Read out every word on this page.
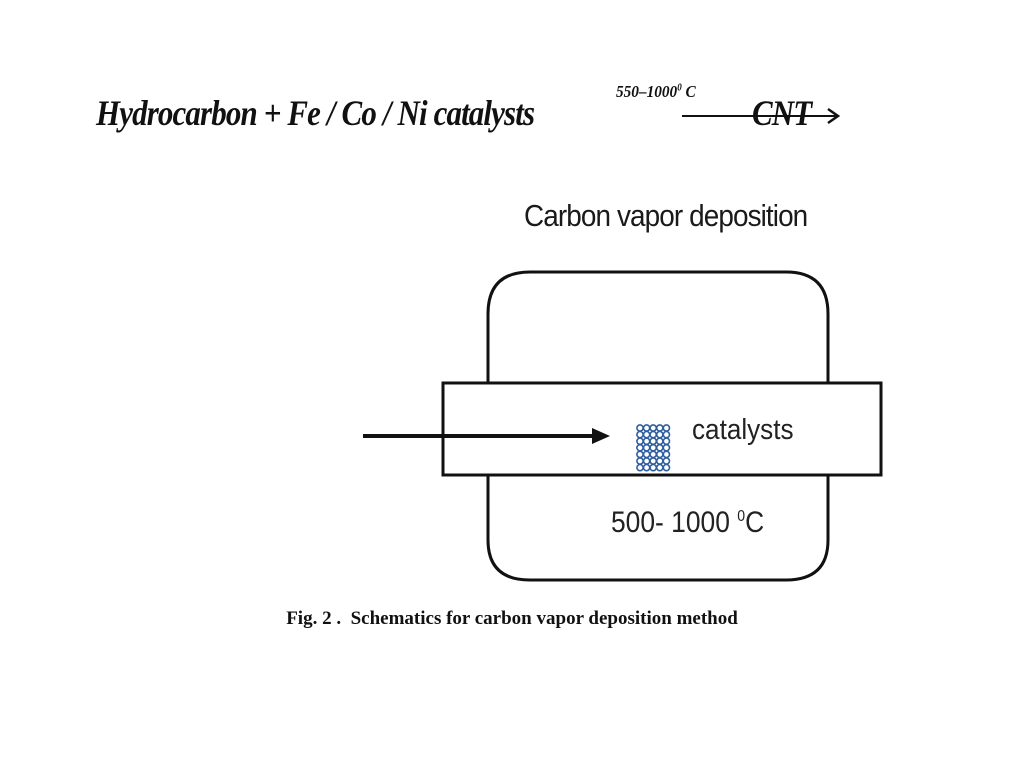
Hydrocarbon + Fe / Co / Ni catalysts
550–1000$^0$ C
CNT
Carbon vapor deposition
catalysts
500- 1000 $^0$C
Fig. 2 .  Schematics for carbon vapor deposition method
